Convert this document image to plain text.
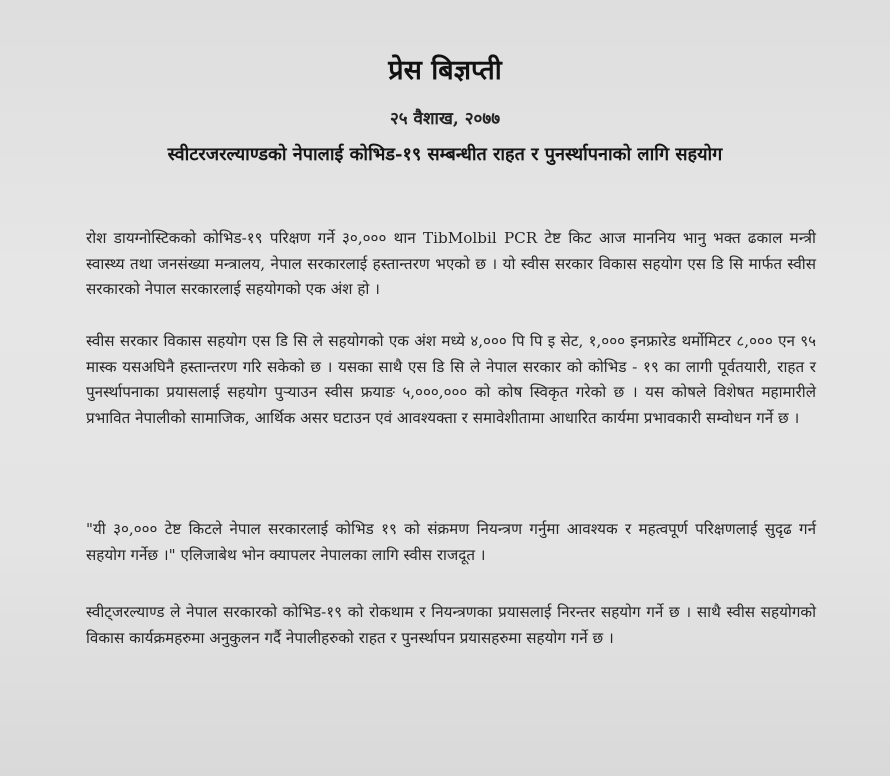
प्रेस बिज्ञप्ती
२५ वैशाख, २०७७
स्वीटरजरल्याण्डको नेपालाई कोभिड-१९ सम्बन्धीत राहत र पुनर्स्थापनाको लागि सहयोग
रोश डायग्नोस्टिकको कोभिड-१९ परिक्षण गर्ने ३०,००० थान TibMolbil PCR टेष्ट किट आज माननिय भानु भक्त ढकाल मन्त्री स्वास्थ्य तथा जनसंख्या मन्त्रालय, नेपाल सरकारलाई हस्तान्तरण भएको छ । यो स्वीस सरकार विकास सहयोग एस डि सि मार्फत स्वीस सरकारको नेपाल सरकारलाई सहयोगको एक अंश हो ।
स्वीस सरकार विकास सहयोग एस डि सि ले सहयोगको एक अंश मध्ये ४,००० पि पि इ सेट, १,००० इनफ्रारेड थर्मोमिटर ८,००० एन ९५ मास्क यसअघिनै हस्तान्तरण गरि सकेको छ । यसका साथै एस डि सि ले नेपाल सरकार को कोभिड - १९ का लागी पूर्वतयारी, राहत र पुनर्स्थापनाका प्रयासलाई सहयोग पुऱ्याउन स्वीस फ्रयाङ ५,०००,००० को कोष स्विकृत गरेको छ । यस कोषले विशेषत महामारीले प्रभावित नेपालीको सामाजिक, आर्थिक असर घटाउन एवं आवश्यक्ता र समावेशीतामा आधारित कार्यमा प्रभावकारी सम्वोधन गर्ने छ ।
"यी ३०,००० टेष्ट किटले नेपाल सरकारलाई कोभिड १९ को संक्रमण नियन्त्रण गर्नुमा आवश्यक र महत्वपूर्ण परिक्षणलाई सुदृढ गर्न सहयोग गर्नेछ ।" एलिजाबेथ भोन क्यापलर नेपालका लागि स्वीस राजदूत ।
स्वीट्जरल्याण्ड ले नेपाल सरकारको कोभिड-१९ को रोकथाम र नियन्त्रणका प्रयासलाई निरन्तर सहयोग गर्ने छ । साथै स्वीस सहयोगको विकास कार्यक्रमहरुमा अनुकुलन गर्दै नेपालीहरुको राहत र पुनर्स्थापन प्रयासहरुमा सहयोग गर्ने छ ।
